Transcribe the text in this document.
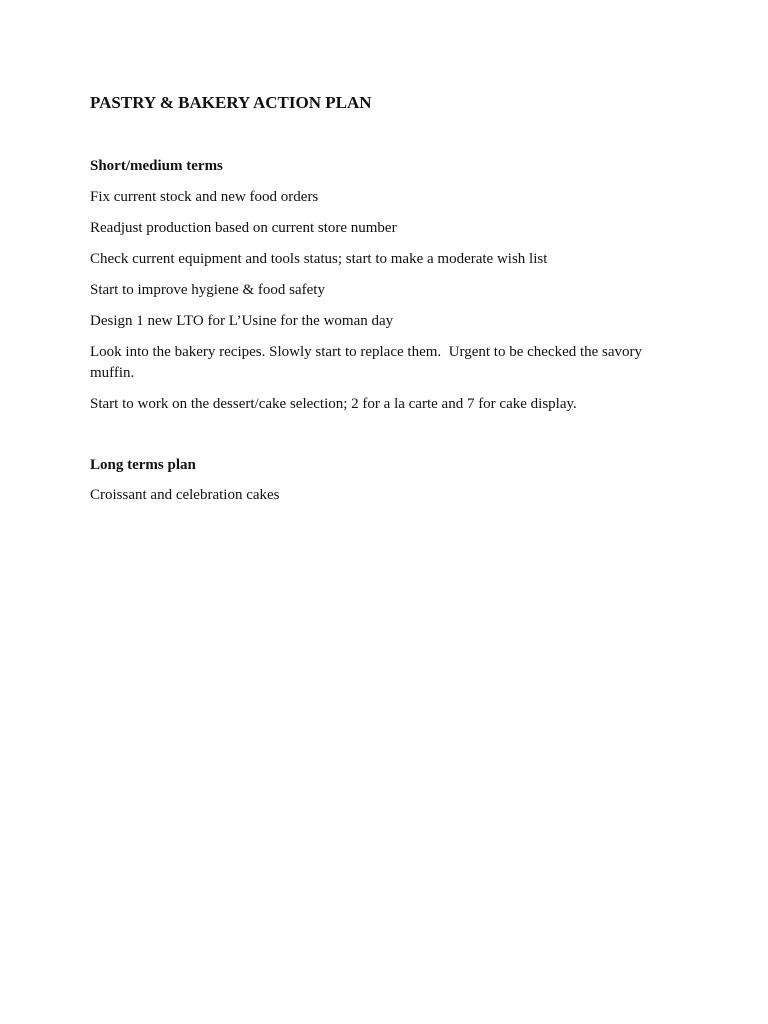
PASTRY & BAKERY ACTION PLAN

Short/medium terms

Fix current stock and new food orders

Readjust production based on current store number

Check current equipment and tools status; start to make a moderate wish list

Start to improve hygiene & food safety

Design 1 new LTO for L’Usine for the woman day

Look into the bakery recipes. Slowly start to replace them.  Urgent to be checked the savory muffin.

Start to work on the dessert/cake selection; 2 for a la carte and 7 for cake display.

Long terms plan

Croissant and celebration cakes
